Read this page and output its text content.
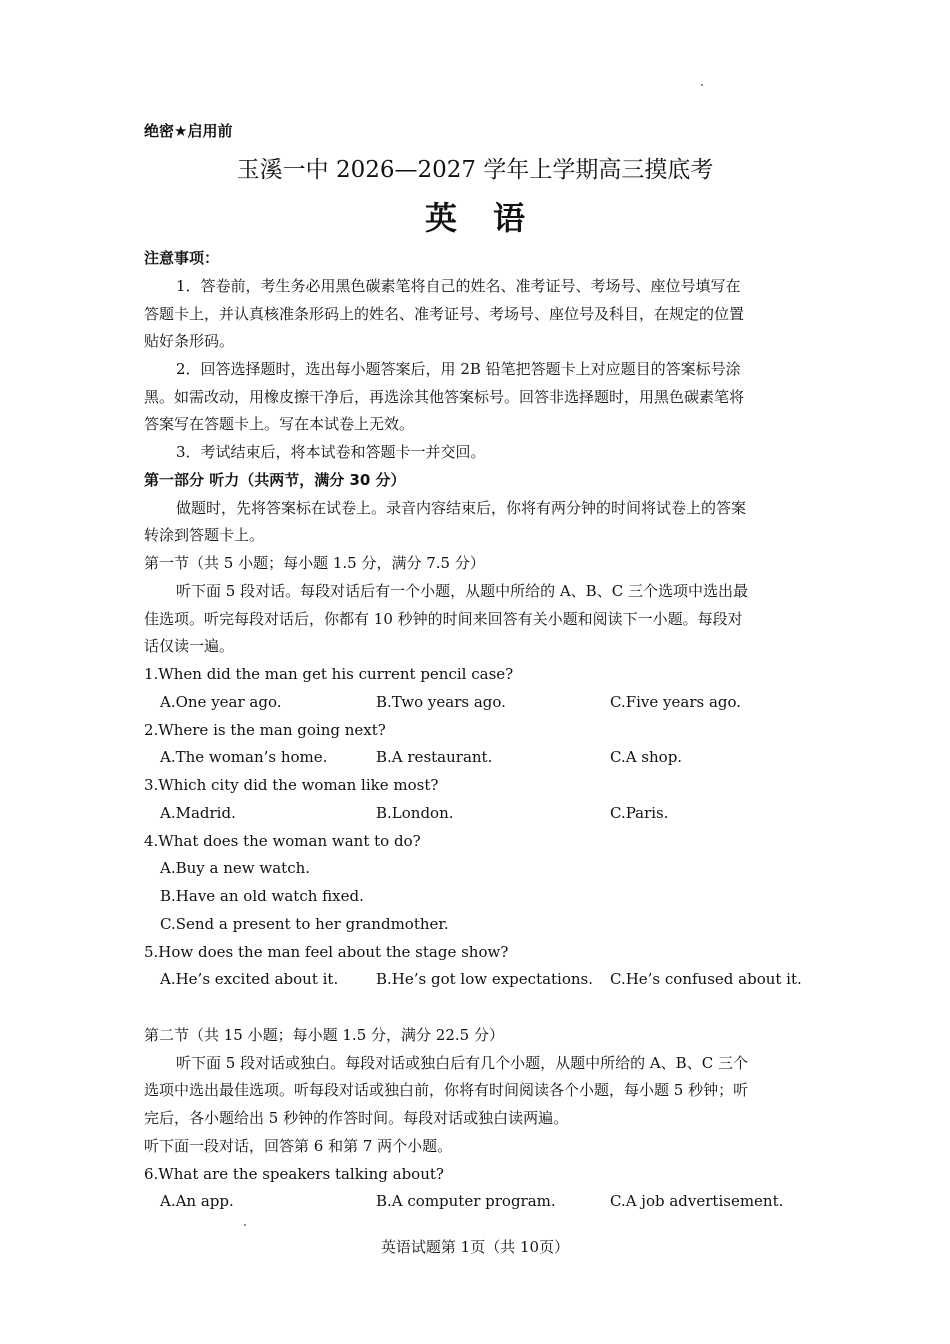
绝密★启用前
玉溪一中 2026—2027 学年上学期高三摸底考
英语
注意事项：
1．答卷前，考生务必用黑色碳素笔将自己的姓名、准考证号、考场号、座位号填写在
答题卡上，并认真核准条形码上的姓名、准考证号、考场号、座位号及科目，在规定的位置
贴好条形码。
2．回答选择题时，选出每小题答案后，用 2B 铅笔把答题卡上对应题目的答案标号涂
黑。如需改动，用橡皮擦干净后，再选涂其他答案标号。回答非选择题时，用黑色碳素笔将
答案写在答题卡上。写在本试卷上无效。
3．考试结束后，将本试卷和答题卡一并交回。
第一部分 听力（共两节，满分 30 分）
做题时，先将答案标在试卷上。录音内容结束后，你将有两分钟的时间将试卷上的答案
转涂到答题卡上。
第一节（共 5 小题；每小题 1.5 分，满分 7.5 分）
听下面 5 段对话。每段对话后有一个小题，从题中所给的 A、B、C 三个选项中选出最
佳选项。听完每段对话后，你都有 10 秒钟的时间来回答有关小题和阅读下一小题。每段对
话仅读一遍。
1.When did the man get his current pencil case?
A.One year ago.	B.Two years ago.	C.Five years ago.
2.Where is the man going next?
A.The woman’s home.	B.A restaurant.	C.A shop.
3.Which city did the woman like most?
A.Madrid.	B.London.	C.Paris.
4.What does the woman want to do?
A.Buy a new watch.
B.Have an old watch fixed.
C.Send a present to her grandmother.
5.How does the man feel about the stage show?
A.He’s excited about it.	B.He’s got low expectations. C.He’s confused about it.
第二节（共 15 小题；每小题 1.5 分，满分 22.5 分）
听下面 5 段对话或独白。每段对话或独白后有几个小题，从题中所给的 A、B、C 三个
选项中选出最佳选项。听每段对话或独白前，你将有时间阅读各个小题，每小题 5 秒钟；听
完后，各小题给出 5 秒钟的作答时间。每段对话或独白读两遍。
听下面一段对话，回答第 6 和第 7 两个小题。
6.What are the speakers talking about?
A.An app.	B.A computer program.	C.A job advertisement.
英语试题第 1页（共 10页）
